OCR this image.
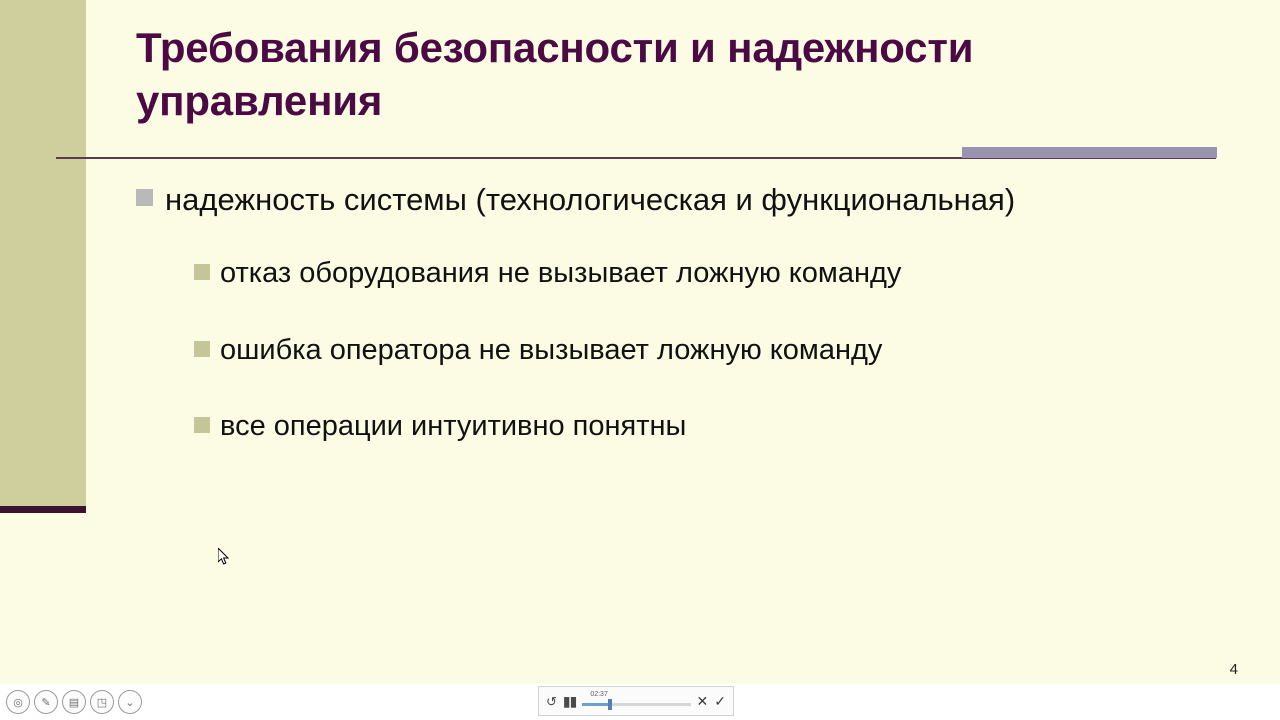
Требования безопасности и надежности управления
надежность системы (технологическая и функциональная)
отказ оборудования не вызывает ложную команду
ошибка оператора не вызывает ложную команду
все операции интуитивно понятны
4
◎	✎	▤	◳	⌄	↺ ▮▮ 02:37	✕ ✓
